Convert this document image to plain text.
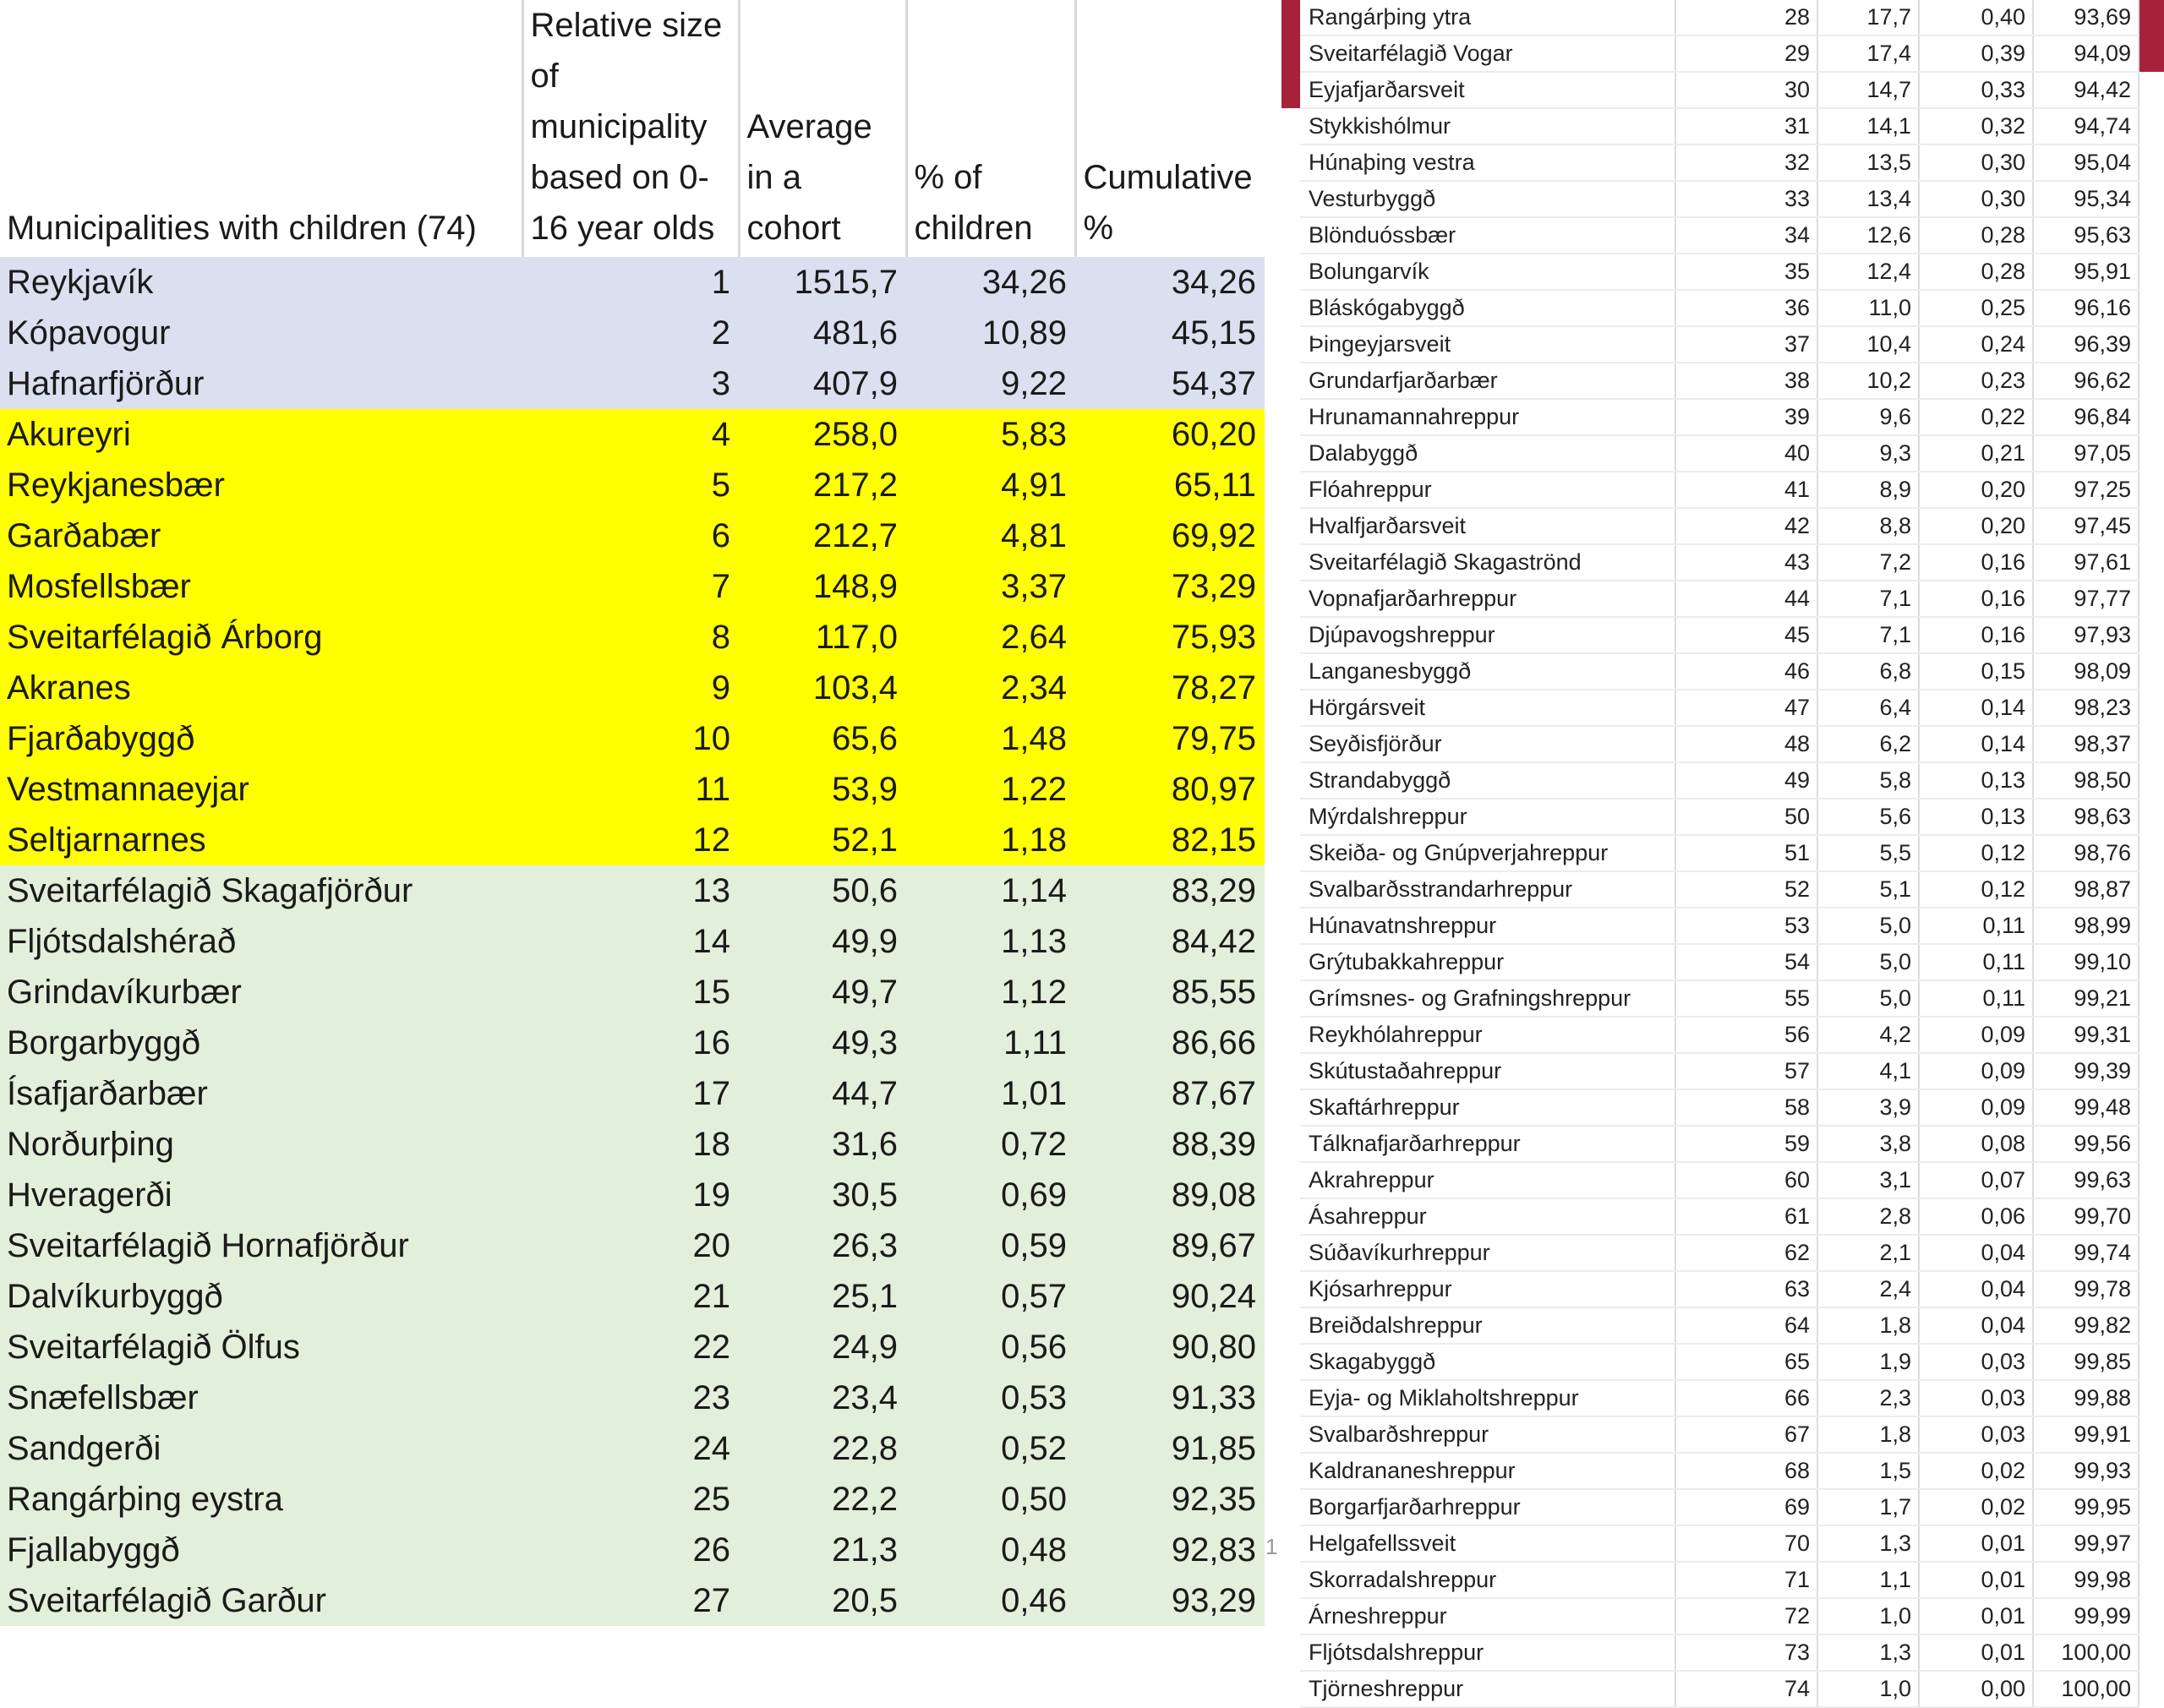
Municipalities with children (74)	Relative size of municipality based on 0-16 year olds	Average in a cohort	% of children	Cumulative %
Reykjavík	1	1515,7	34,26	34,26
Kópavogur	2	481,6	10,89	45,15
Hafnarfjörður	3	407,9	9,22	54,37
Akureyri	4	258,0	5,83	60,20
Reykjanesbær	5	217,2	4,91	65,11
Garðabær	6	212,7	4,81	69,92
Mosfellsbær	7	148,9	3,37	73,29
Sveitarfélagið Árborg	8	117,0	2,64	75,93
Akranes	9	103,4	2,34	78,27
Fjarðabyggð	10	65,6	1,48	79,75
Vestmannaeyjar	11	53,9	1,22	80,97
Seltjarnarnes	12	52,1	1,18	82,15
Sveitarfélagið Skagafjörður	13	50,6	1,14	83,29
Fljótsdalshérað	14	49,9	1,13	84,42
Grindavíkurbær	15	49,7	1,12	85,55
Borgarbyggð	16	49,3	1,11	86,66
Ísafjarðarbær	17	44,7	1,01	87,67
Norðurþing	18	31,6	0,72	88,39
Hveragerði	19	30,5	0,69	89,08
Sveitarfélagið Hornafjörður	20	26,3	0,59	89,67
Dalvíkurbyggð	21	25,1	0,57	90,24
Sveitarfélagið Ölfus	22	24,9	0,56	90,80
Snæfellsbær	23	23,4	0,53	91,33
Sandgerði	24	22,8	0,52	91,85
Rangárþing eystra	25	22,2	0,50	92,35
Fjallabyggð	26	21,3	0,48	92,83
Sveitarfélagið Garður	27	20,5	0,46	93,29
1
	Rangárþing ytra	28	17,7	0,40	93,69	
	Sveitarfélagið Vogar	29	17,4	0,39	94,09	
	Eyjafjarðarsveit	30	14,7	0,33	94,42	
	Stykkishólmur	31	14,1	0,32	94,74	
	Húnaþing vestra	32	13,5	0,30	95,04	
	Vesturbyggð	33	13,4	0,30	95,34	
	Blönduóssbær	34	12,6	0,28	95,63	
	Bolungarvík	35	12,4	0,28	95,91	
	Bláskógabyggð	36	11,0	0,25	96,16	
	Þingeyjarsveit	37	10,4	0,24	96,39	
	Grundarfjarðarbær	38	10,2	0,23	96,62	
	Hrunamannahreppur	39	9,6	0,22	96,84	
	Dalabyggð	40	9,3	0,21	97,05	
	Flóahreppur	41	8,9	0,20	97,25	
	Hvalfjarðarsveit	42	8,8	0,20	97,45	
	Sveitarfélagið Skagaströnd	43	7,2	0,16	97,61	
	Vopnafjarðarhreppur	44	7,1	0,16	97,77	
	Djúpavogshreppur	45	7,1	0,16	97,93	
	Langanesbyggð	46	6,8	0,15	98,09	
	Hörgársveit	47	6,4	0,14	98,23	
	Seyðisfjörður	48	6,2	0,14	98,37	
	Strandabyggð	49	5,8	0,13	98,50	
	Mýrdalshreppur	50	5,6	0,13	98,63	
	Skeiða- og Gnúpverjahreppur	51	5,5	0,12	98,76	
	Svalbarðsstrandarhreppur	52	5,1	0,12	98,87	
	Húnavatnshreppur	53	5,0	0,11	98,99	
	Grýtubakkahreppur	54	5,0	0,11	99,10	
	Grímsnes- og Grafningshreppur	55	5,0	0,11	99,21	
	Reykhólahreppur	56	4,2	0,09	99,31	
	Skútustaðahreppur	57	4,1	0,09	99,39	
	Skaftárhreppur	58	3,9	0,09	99,48	
	Tálknafjarðarhreppur	59	3,8	0,08	99,56	
	Akrahreppur	60	3,1	0,07	99,63	
	Ásahreppur	61	2,8	0,06	99,70	
	Súðavíkurhreppur	62	2,1	0,04	99,74	
	Kjósarhreppur	63	2,4	0,04	99,78	
	Breiðdalshreppur	64	1,8	0,04	99,82	
	Skagabyggð	65	1,9	0,03	99,85	
	Eyja- og Miklaholtshreppur	66	2,3	0,03	99,88	
	Svalbarðshreppur	67	1,8	0,03	99,91	
	Kaldrananeshreppur	68	1,5	0,02	99,93	
	Borgarfjarðarhreppur	69	1,7	0,02	99,95	
	Helgafellssveit	70	1,3	0,01	99,97	
	Skorradalshreppur	71	1,1	0,01	99,98	
	Árneshreppur	72	1,0	0,01	99,99	
	Fljótsdalshreppur	73	1,3	0,01	100,00	
	Tjörneshreppur	74	1,0	0,00	100,00	
